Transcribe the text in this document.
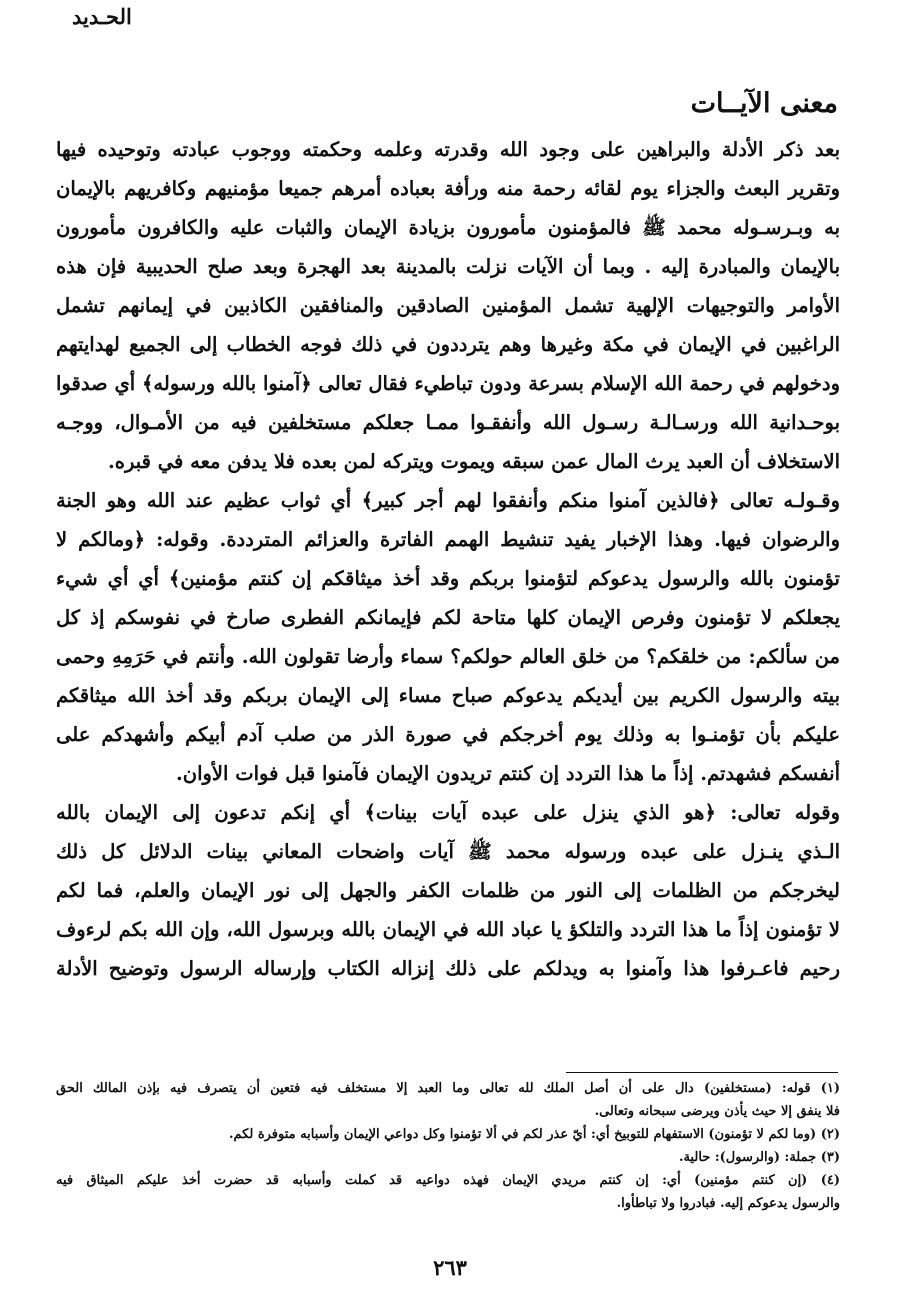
الحـديد
معنى الآيــات
بعد ذكر الأدلة والبراهين على وجود الله وقدرته وعلمه وحكمته ووجوب عبادته وتوحيده فيها
وتقرير البعث والجزاء يوم لقائه رحمة منه ورأفة بعباده أمرهم جميعا مؤمنيهم وكافريهم بالإيمان
به وبـرسـوله محمد ﷺ فالمؤمنون مأمورون بزيادة الإيمان والثبات عليه والكافرون مأمورون
بالإيمان والمبادرة إليه . وبما أن الآيات نزلت بالمدينة بعد الهجرة وبعد صلح الحديبية فإن هذه
الأوامر والتوجيهات الإلهية تشمل المؤمنين الصادقين والمنافقين الكاذبين في إيمانهم تشمل
الراغبين في الإيمان في مكة وغيرها وهم يترددون في ذلك فوجه الخطاب إلى الجميع لهدايتهم
ودخولهم في رحمة الله الإسلام بسرعة ودون تباطيء فقال تعالى ﴿آمنوا بالله ورسوله﴾ أي صدقوا
بوحـدانية الله ورسـالـة رسـول الله وأنفقـوا ممـا جعلكم مستخلفين فيه من الأمـوال، ووجـه
الاستخلاف أن العبد يرث المال عمن سبقه ويموت ويتركه لمن بعده فلا يدفن معه في قبره.
وقـولـه تعالى ﴿فالذين آمنوا منكم وأنفقوا لهم أجر كبير﴾ أي ثواب عظيم عند الله وهو الجنة
والرضوان فيها. وهذا الإخبار يفيد تنشيط الهمم الفاترة والعزائم المترددة. وقوله: ﴿ومالكم لا
تؤمنون بالله والرسول يدعوكم لتؤمنوا بربكم وقد أخذ ميثاقكم إن كنتم مؤمنين﴾ أي أي شيء
يجعلكم لا تؤمنون وفرص الإيمان كلها متاحة لكم فإيمانكم الفطرى صارخ في نفوسكم إذ كل
من سألكم: من خلقكم؟ من خلق العالم حولكم؟ سماء وأرضا تقولون الله. وأنتم في حَرَمِهِ وحمى
بيته والرسول الكريم بين أيديكم يدعوكم صباح مساء إلى الإيمان بربكم وقد أخذ الله ميثاقكم
عليكم بأن تؤمنـوا به وذلك يوم أخرجكم في صورة الذر من صلب آدم أبيكم وأشهدكم على
أنفسكم فشهدتم. إذاً ما هذا التردد إن كنتم تريدون الإيمان فآمنوا قبل فوات الأوان.
وقوله تعالى: ﴿هو الذي ينزل على عبده آيات بينات﴾ أي إنكم تدعون إلى الإيمان بالله
الـذي ينـزل على عبده ورسوله محمد ﷺ آيات واضحات المعاني بينات الدلائل كل ذلك
ليخرجكم من الظلمات إلى النور من ظلمات الكفر والجهل إلى نور الإيمان والعلم، فما لكم
لا تؤمنون إذاً ما هذا التردد والتلكؤ يا عباد الله في الإيمان بالله وبرسول الله، وإن الله بكم لرءوف
رحيم فاعـرفوا هذا وآمنوا به ويدلكم على ذلك إنزاله الكتاب وإرساله الرسول وتوضيح الأدلة
(١) قوله: (مستخلفين) دال على أن أصل الملك لله تعالى وما العبد إلا مستخلف فيه فتعين أن يتصرف فيه بإذن المالك الحق
فلا ينفق إلا حيث يأذن ويرضى سبحانه وتعالى.
(٢) (وما لكم لا تؤمنون) الاستفهام للتوبيخ أي: أيّ عذر لكم في ألا تؤمنوا وكل دواعي الإيمان وأسبابه متوفرة لكم.
(٣) جملة: (والرسول): حالية.
(٤) (إن كنتم مؤمنين) أي: إن كنتم مريدي الإيمان فهذه دواعيه قد كملت وأسبابه قد حضرت أخذ عليكم الميثاق فيه
والرسول يدعوكم إليه. فبادروا ولا تباطأوا.
٢٦٣
